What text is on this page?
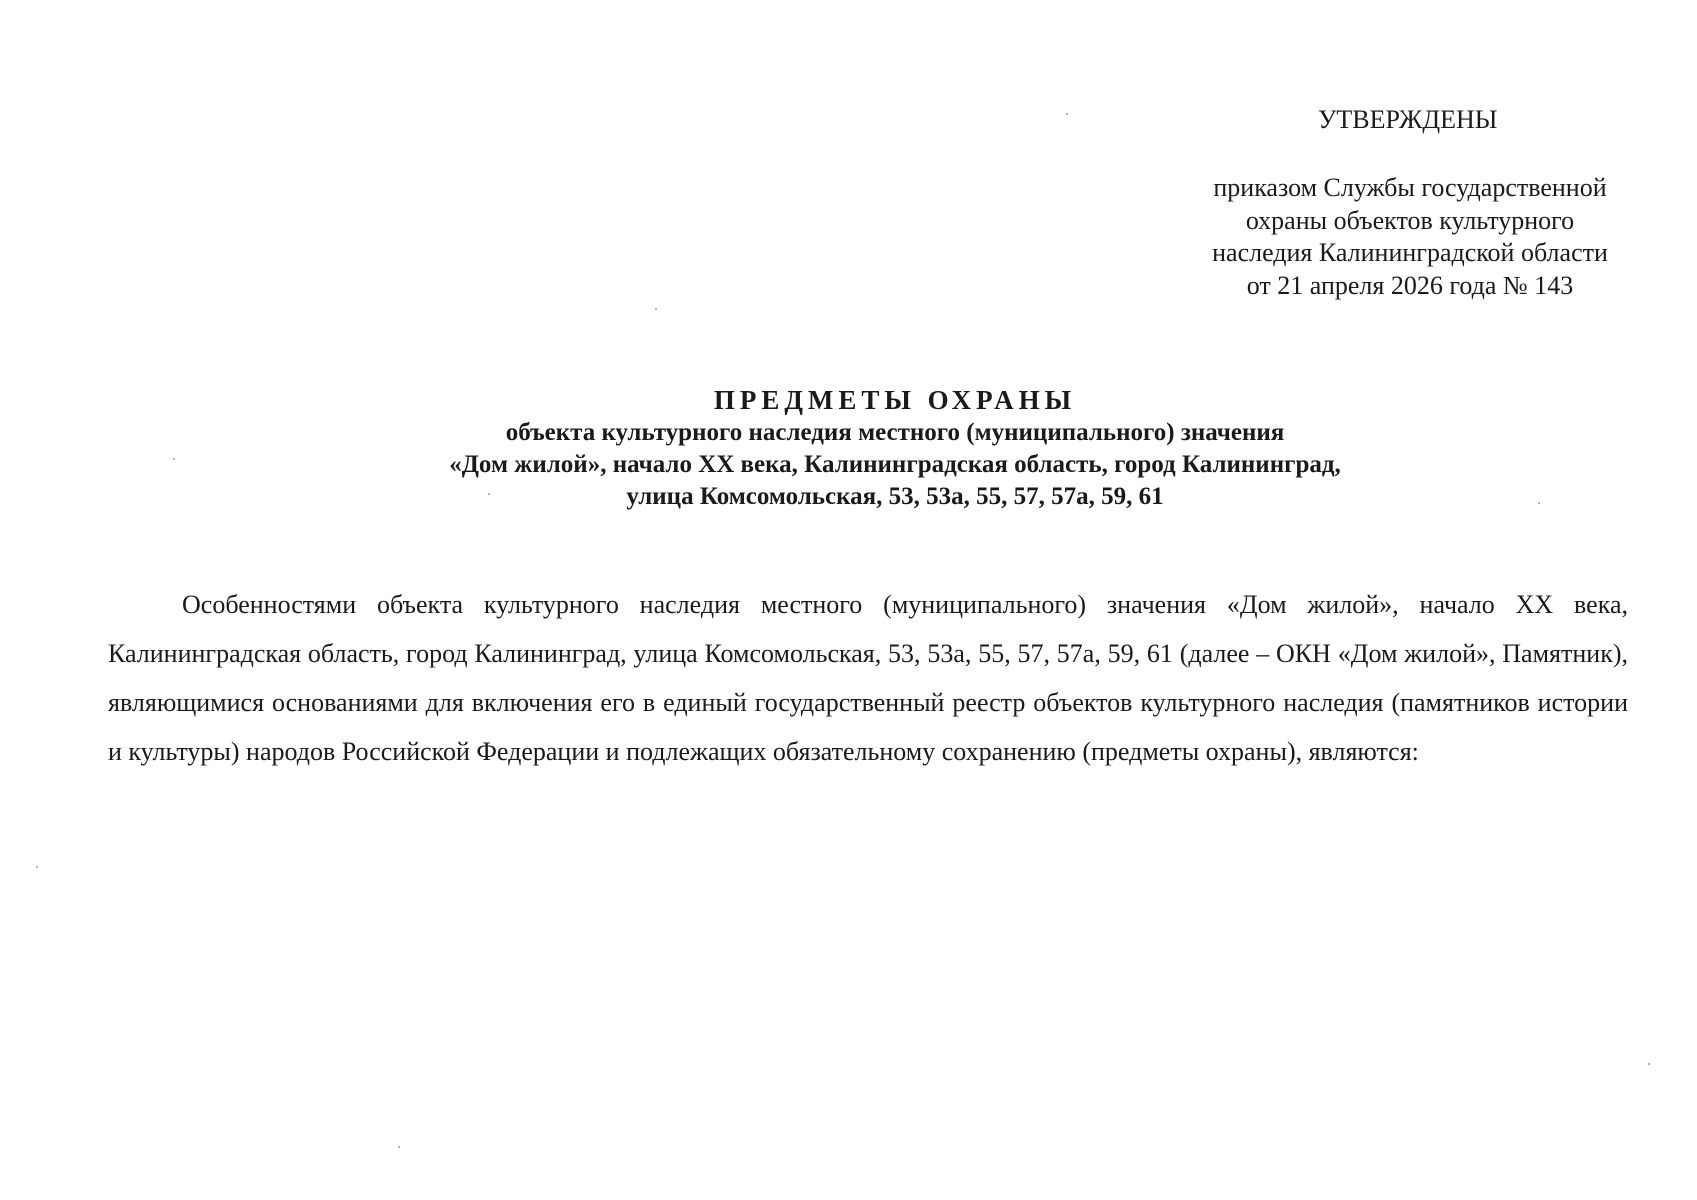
УТВЕРЖДЕНЫ
приказом Службы государственной
охраны объектов культурного
наследия Калининградской области
от 21 апреля 2026 года № 143
ПРЕДМЕТЫ ОХРАНЫ
объекта культурного наследия местного (муниципального) значения
«Дом жилой», начало XX века, Калининградская область, город Калининград,
улица Комсомольская, 53, 53а, 55, 57, 57а, 59, 61

Особенностями объекта культурного наследия местного (муниципального) значения «Дом жилой», начало XX века, Калининградская область, город Калининград, улица Комсомольская, 53, 53а, 55, 57, 57а, 59, 61 (далее – ОКН «Дом жилой», Памятник), являющимися основаниями для включения его в единый государственный реестр объектов культурного наследия (памятников истории и культуры) народов Российской Федерации и подлежащих обязательному сохранению (предметы охраны), являются:
